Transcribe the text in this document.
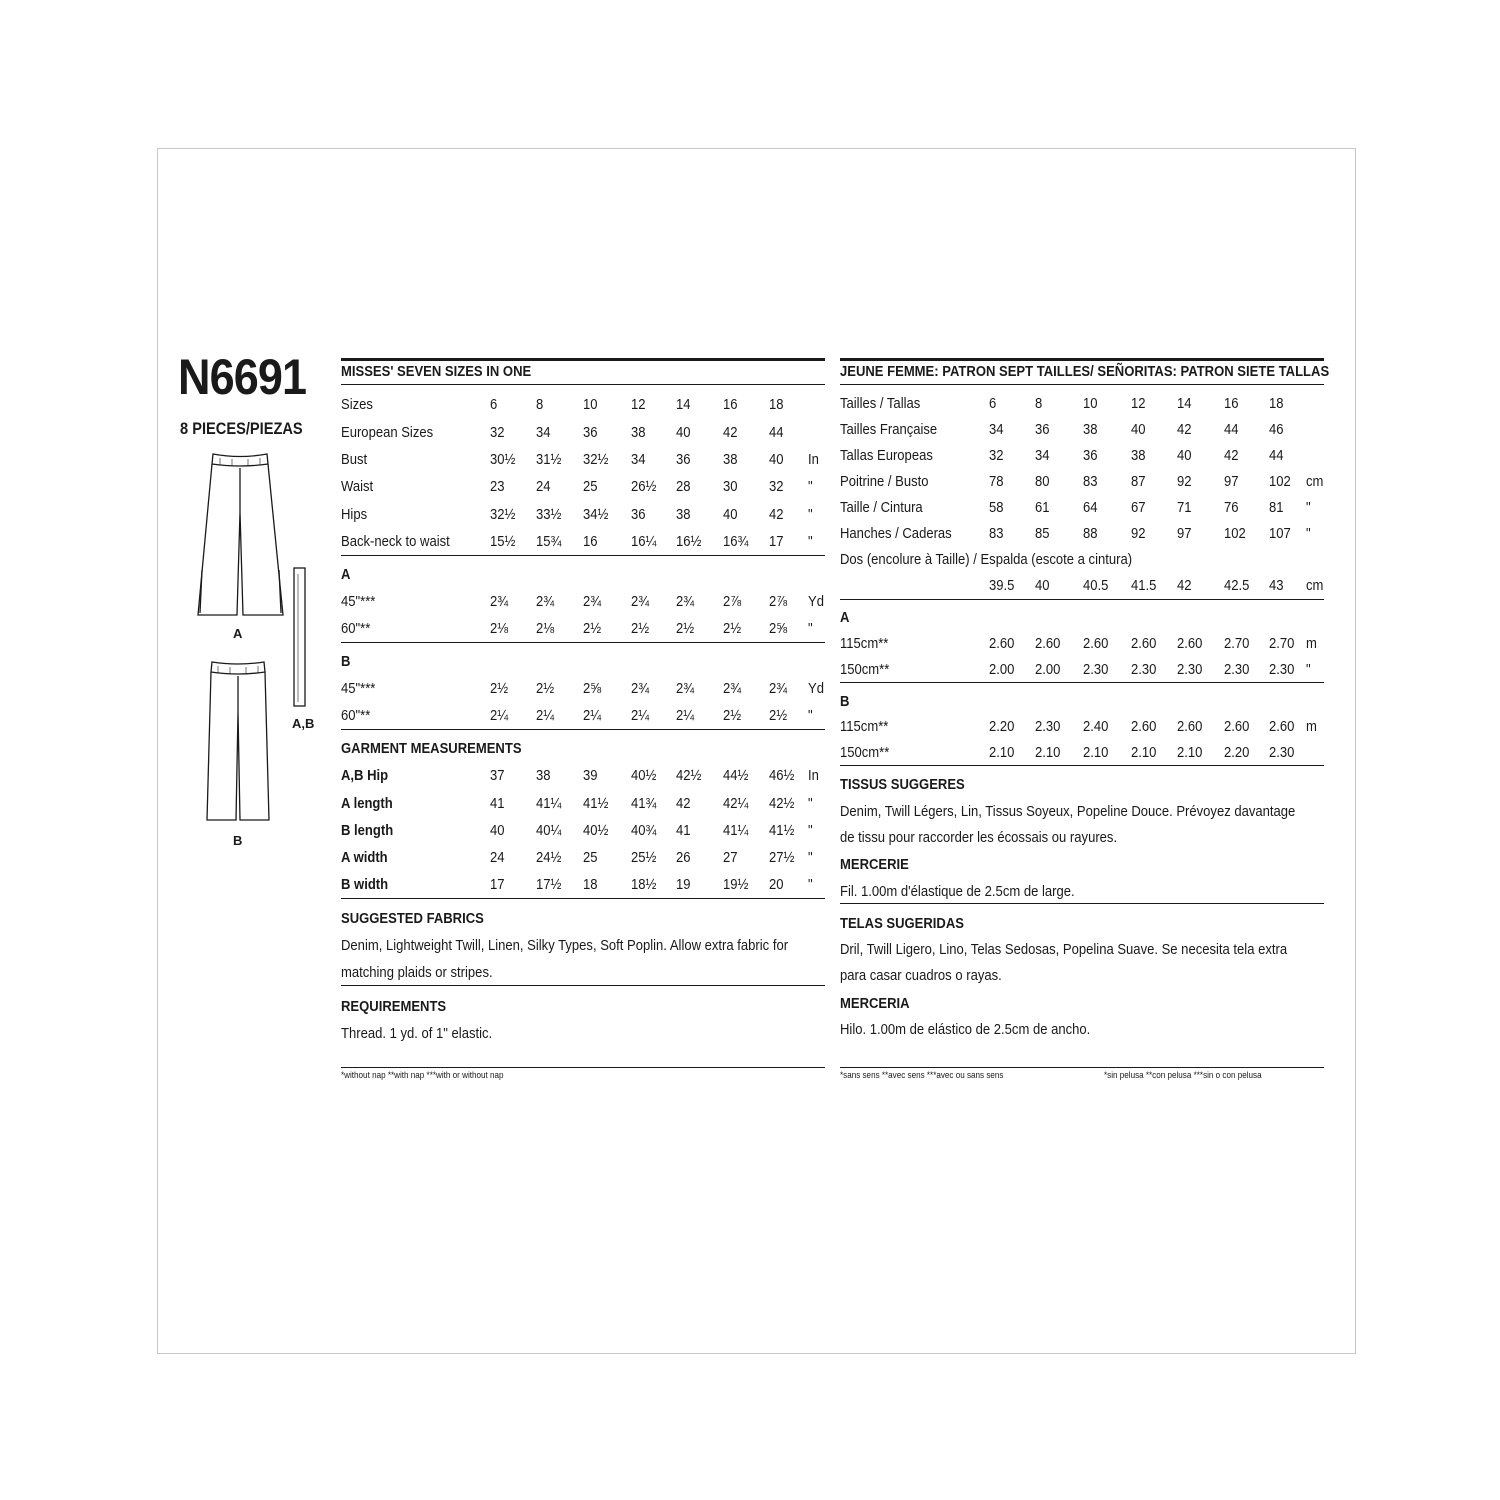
N6691
8 PIECES/PIEZAS
A
A,B
B
MISSES' SEVEN SIZES IN ONE
Sizes	6	8	10 12 14 16 18
European Sizes	32 34 36 38 40 42 44
Bust	30½ 31½ 32½ 34 36 38 40 In
Waist	23 24 25 26½ 28 30 32 "
Hips	32½ 33½ 34½ 36 38 40 42 "
Back-neck to waist	15½ 15¾ 16 16¼ 16½ 16¾ 17 "
A
45"***	2¾ 2¾ 2¾ 2¾ 2¾ 2⅞ 2⅞ Yd
60"**	2⅛ 2⅛ 2½ 2½ 2½ 2½ 2⅝ "
B
45"***	2½ 2½ 2⅝ 2¾ 2¾ 2¾ 2¾ Yd
60"**	2¼ 2¼ 2¼ 2¼ 2¼ 2½ 2½ "
GARMENT MEASUREMENTS
A,B Hip	37 38 39 40½ 42½ 44½ 46½ In
A length	41 41¼ 41½ 41¾ 42 42¼ 42½ "
B length	40 40¼ 40½ 40¾ 41 41¼ 41½ "
A width	24 24½ 25 25½ 26 27 27½ "
B width	17 17½ 18 18½ 19 19½ 20 "
SUGGESTED FABRICS
Denim, Lightweight Twill, Linen, Silky Types, Soft Poplin. Allow extra fabric for
matching plaids or stripes.
REQUIREMENTS
Thread. 1 yd. of 1" elastic.
*without nap **with nap ***with or without nap
JEUNE FEMME: PATRON SEPT TAILLES/ SEÑORITAS: PATRON SIETE TALLAS
Tailles / Tallas	6	8	10 12 14 16 18
Tailles Française	34 36 38 40 42 44 46
Tallas Europeas	32 34 36 38 40 42 44
Poitrine / Busto	78 80 83 87 92 97 102 cm
Taille / Cintura	58 61 64 67 71 76 81 "
Hanches / Caderas	83 85 88 92 97 102 107 "
Dos (encolure à Taille) / Espalda (escote a cintura)
39.5 40 40.5 41.5 42 42.5 43 cm
A
115cm**	2.60 2.60 2.60 2.60 2.60 2.70 2.70 m
150cm**	2.00 2.00 2.30 2.30 2.30 2.30 2.30 "
B
115cm**	2.20 2.30 2.40 2.60 2.60 2.60 2.60 m
150cm**	2.10 2.10 2.10 2.10 2.10 2.20 2.30
TISSUS SUGGERES
Denim, Twill Légers, Lin, Tissus Soyeux, Popeline Douce. Prévoyez davantage
de tissu pour raccorder les écossais ou rayures.
MERCERIE
Fil. 1.00m d'élastique de 2.5cm de large.
TELAS SUGERIDAS
Dril, Twill Ligero, Lino, Telas Sedosas, Popelina Suave. Se necesita tela extra
para casar cuadros o rayas.
MERCERIA
Hilo. 1.00m de elástico de 2.5cm de ancho.
*sans sens **avec sens ***avec ou sans sens	*sin pelusa **con pelusa ***sin o con pelusa
